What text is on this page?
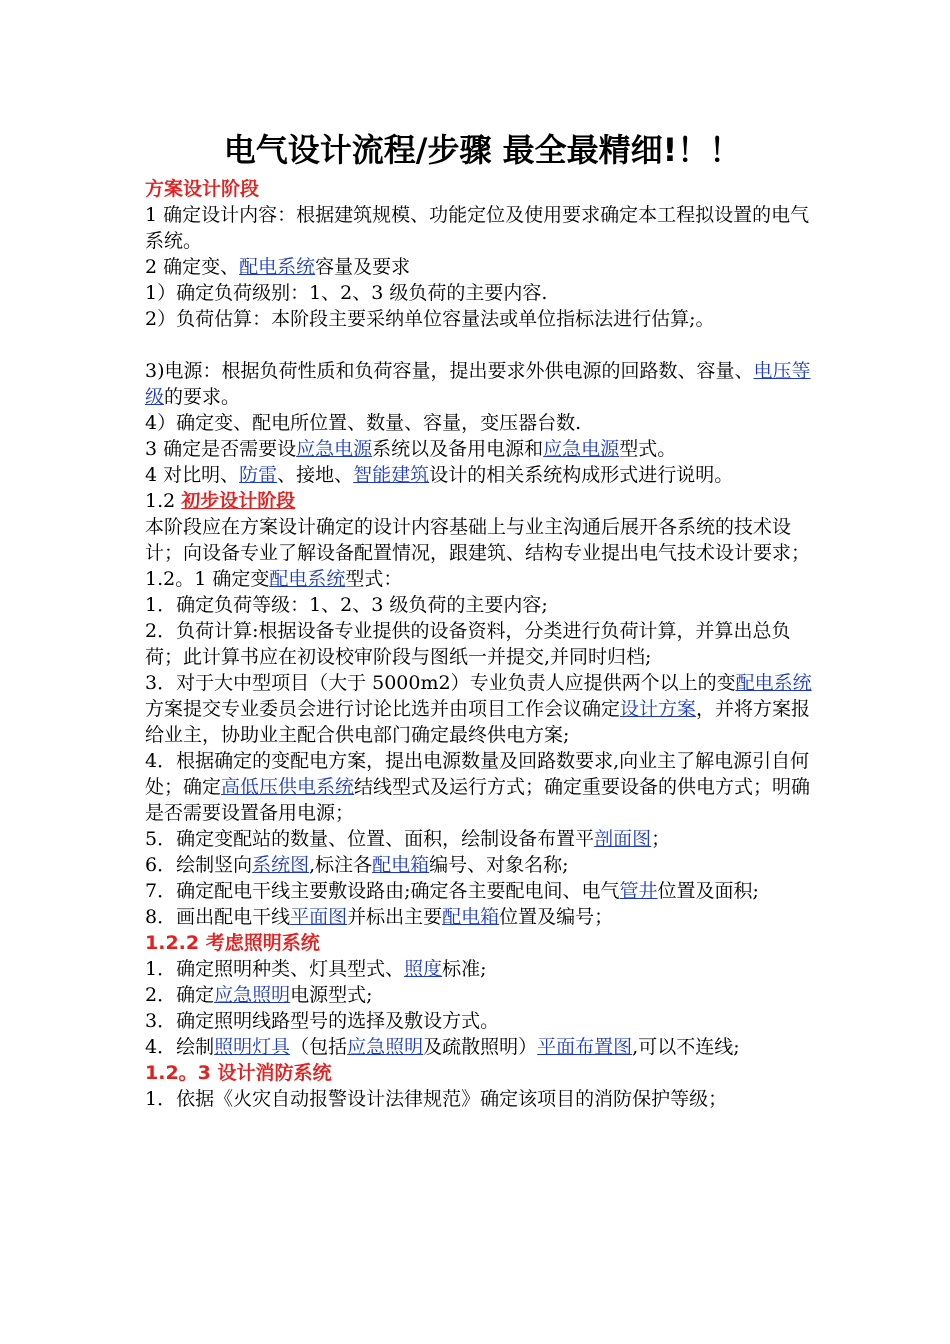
电气设计流程/步骤 最全最精细!！！

方案设计阶段

1 确定设计内容：根据建筑规模、功能定位及使用要求确定本工程拟设置的电气系统。

2 确定变、配电系统容量及要求

1）确定负荷级别：1、2、3 级负荷的主要内容.

2）负荷估算：本阶段主要采纳单位容量法或单位指标法进行估算;。

3)电源：根据负荷性质和负荷容量，提出要求外供电源的回路数、容量、电压等级的要求。

4）确定变、配电所位置、数量、容量，变压器台数.

3 确定是否需要设应急电源系统以及备用电源和应急电源型式。

4 对比明、防雷、接地、智能建筑设计的相关系统构成形式进行说明。

1.2 初步设计阶段

本阶段应在方案设计确定的设计内容基础上与业主沟通后展开各系统的技术设计；向设备专业了解设备配置情况，跟建筑、结构专业提出电气技术设计要求；

1.2。1 确定变配电系统型式：

1．确定负荷等级：1、2、3 级负荷的主要内容;

2．负荷计算:根据设备专业提供的设备资料，分类进行负荷计算，并算出总负荷；此计算书应在初设校审阶段与图纸一并提交,并同时归档;

3．对于大中型项目（大于 5000m2）专业负责人应提供两个以上的变配电系统方案提交专业委员会进行讨论比选并由项目工作会议确定设计方案，并将方案报给业主，协助业主配合供电部门确定最终供电方案;

4．根据确定的变配电方案，提出电源数量及回路数要求,向业主了解电源引自何处；确定高低压供电系统结线型式及运行方式；确定重要设备的供电方式；明确是否需要设置备用电源；

5．确定变配站的数量、位置、面积，绘制设备布置平剖面图；

6．绘制竖向系统图,标注各配电箱编号、对象名称;

7．确定配电干线主要敷设路由;确定各主要配电间、电气管井位置及面积;

8．画出配电干线平面图并标出主要配电箱位置及编号；

1.2.2 考虑照明系统

1．确定照明种类、灯具型式、照度标准;

2．确定应急照明电源型式;

3．确定照明线路型号的选择及敷设方式。

4．绘制照明灯具（包括应急照明及疏散照明）平面布置图,可以不连线;

1.2。3 设计消防系统

1．依据《火灾自动报警设计法律规范》确定该项目的消防保护等级；
